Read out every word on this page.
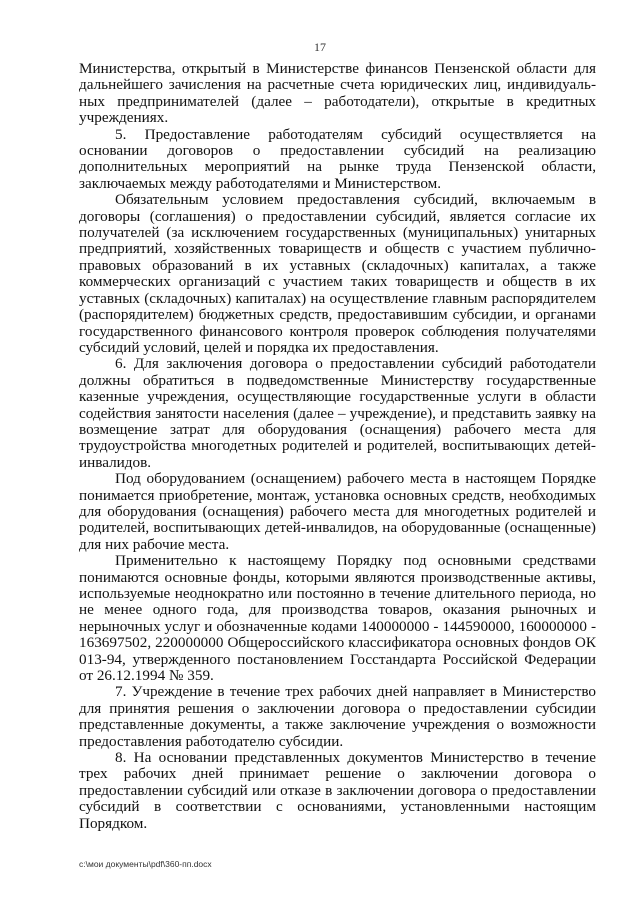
17

Министерства, открытый в Министерстве финансов Пензенской области для дальнейшего зачисления на расчетные счета юридических лиц, индивидуальных предпринимателей (далее – работодатели), открытые в кредитных учреждениях.

5. Предоставление работодателям субсидий осуществляется на основании договоров о предоставлении субсидий на реализацию дополнительных мероприятий на рынке труда Пензенской области, заключаемых между работодателями и Министерством.

Обязательным условием предоставления субсидий, включаемым в договоры (соглашения) о предоставлении субсидий, является согласие их получателей (за исключением государственных (муниципальных) унитарных предприятий, хозяйственных товариществ и обществ с участием публично-правовых образований в их уставных (складочных) капиталах, а также коммерческих организаций с участием таких товариществ и обществ в их уставных (складочных) капиталах) на осуществление главным распорядителем (распорядителем) бюджетных средств, предоставившим субсидии, и органами государственного финансового контроля проверок соблюдения получателями субсидий условий, целей и порядка их предоставления.

6. Для заключения договора о предоставлении субсидий работодатели должны обратиться в подведомственные Министерству государственные казенные учреждения, осуществляющие государственные услуги в области содействия занятости населения (далее – учреждение), и представить заявку на возмещение затрат для оборудования (оснащения) рабочего места для трудоустройства многодетных родителей и родителей, воспитывающих детей-инвалидов.

Под оборудованием (оснащением) рабочего места в настоящем Порядке понимается приобретение, монтаж, установка основных средств, необходимых для оборудования (оснащения) рабочего места для многодетных родителей и родителей, воспитывающих детей-инвалидов, на оборудованные (оснащенные) для них рабочие места.

Применительно к настоящему Порядку под основными средствами понимаются основные фонды, которыми являются производственные активы, используемые неоднократно или постоянно в течение длительного периода, но не менее одного года, для производства товаров, оказания рыночных и нерыночных услуг и обозначенные кодами 140000000 - 144590000, 160000000 - 163697502, 220000000 Общероссийского классификатора основных фондов ОК 013-94, утвержденного постановлением Госстандарта Российской Федерации от 26.12.1994 № 359.

7. Учреждение в течение трех рабочих дней направляет в Министерство для принятия решения о заключении договора о предоставлении субсидии представленные документы, а также заключение учреждения о возможности предоставления работодателю субсидии.

8. На основании представленных документов Министерство в течение трех рабочих дней принимает решение о заключении договора о предоставлении субсидий или отказе в заключении договора о предоставлении субсидий в соответствии с основаниями, установленными настоящим Порядком.

c:\мои документы\pdf\360-пп.docx
